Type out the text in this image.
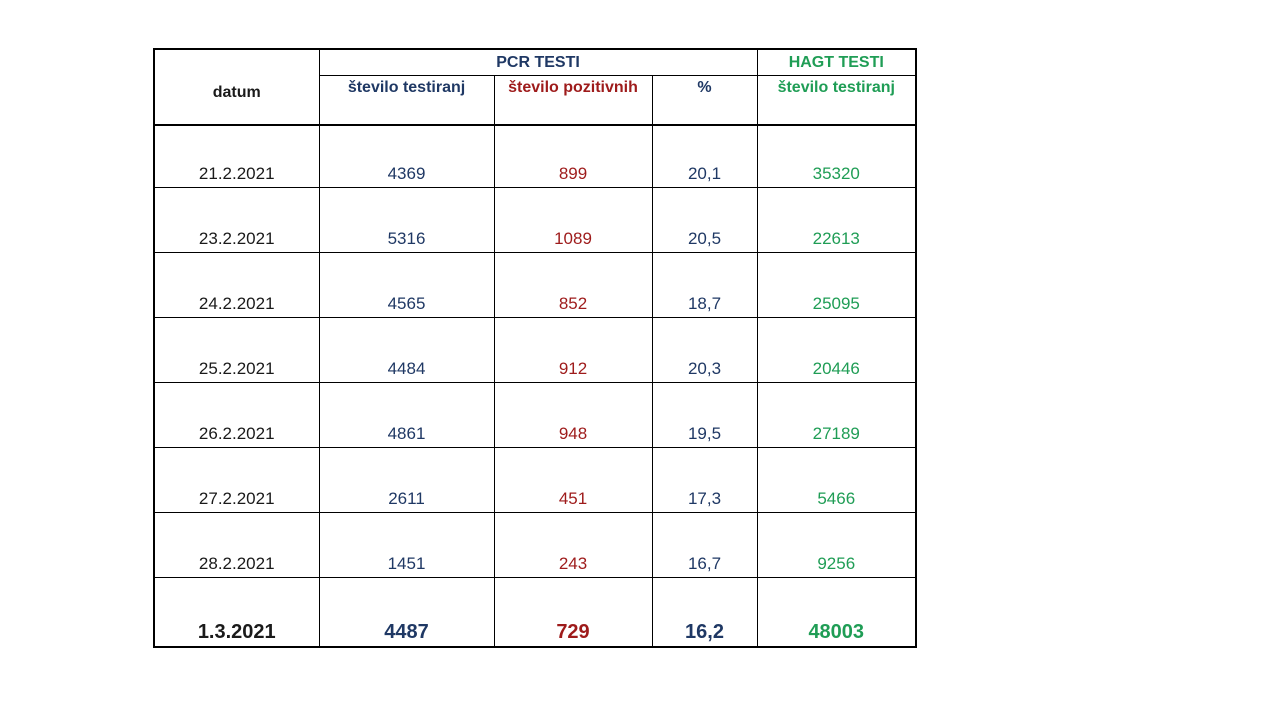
datum	PCR TESTI			HAGT TESTI
	število testiranj	število pozitivnih	%	število testiranj
21.2.2021	4369	899	20,1	35320
23.2.2021	5316	1089	20,5	22613
24.2.2021	4565	852	18,7	25095
25.2.2021	4484	912	20,3	20446
26.2.2021	4861	948	19,5	27189
27.2.2021	2611	451	17,3	5466
28.2.2021	1451	243	16,7	9256
1.3.2021	4487	729	16,2	48003
